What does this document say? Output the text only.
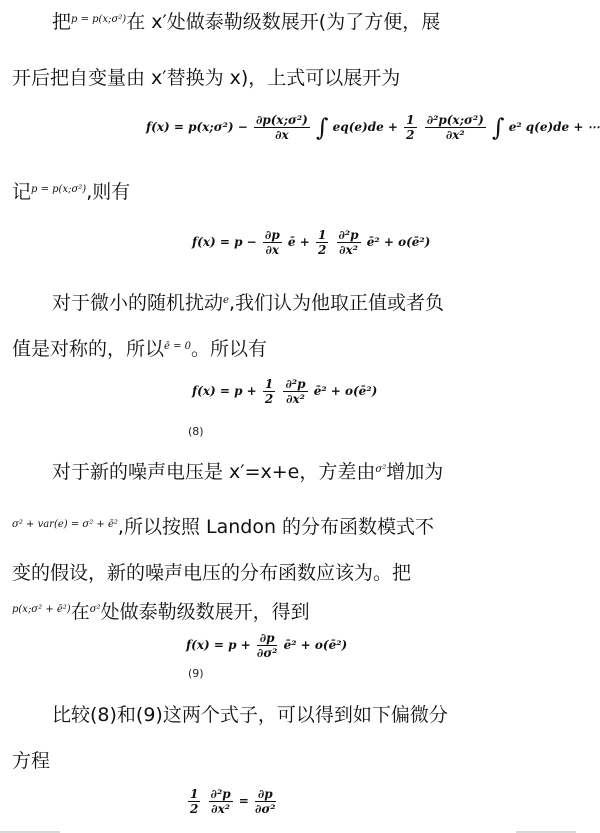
把$^{p = p(x;\sigma^2)}$在 x′处做泰勒级数展开(为了方便，展
开后把自变量由 x′替换为 x)，上式可以展开为
f(x) = p(x;σ²) − $\frac{\text{∂p(x;σ²)}}{\partial x}$ ∫ $eq(e)de + \frac{1}{2}$
$\frac{\text{∂²p(x;σ²)}}{\text{∂x²}}$ ∫ e² q(e)de + ⋯
记$^{p = p(x;\sigma^2)}$,则有
$f(x) = p - \frac{\partial p}{\partial x}$ ē + $\frac{1}{2}$
$\frac{\text{∂²p}}{\text{∂x²}}$ ē² + o(ē²)
对于微小的随机扰动$^e$,我们认为他取正值或者负
值是对称的，所以$^{ē = 0}$。所以有
$f(x) = p + \frac{1}{2}$
$\frac{\text{∂²p}}{\text{∂x²}}$ ē² + o(ē²)
(8)
对于新的噪声电压是 x′=x+e，方差由$^{\sigma^2}$增加为
$^{\sigma^2 + var(e) = \sigma^2 + ē^2}$,所以按照 Landon 的分布函数模式不
变的假设，新的噪声电压的分布函数应该为。把
$^{p(x;\sigma^2 + ē^2)}$在$^{\sigma^2}$处做泰勒级数展开，得到
$f(x) = p + \frac{\partial p}{\text{∂σ²}}$ ē² + o(ē²)
(9)
比较(8)和(9)这两个式子，可以得到如下偏微分
方程
$\frac{1}{2}$
$\frac{\text{∂²p}}{\text{∂x²}} = \frac{\partial p}{\text{∂σ²}}$
